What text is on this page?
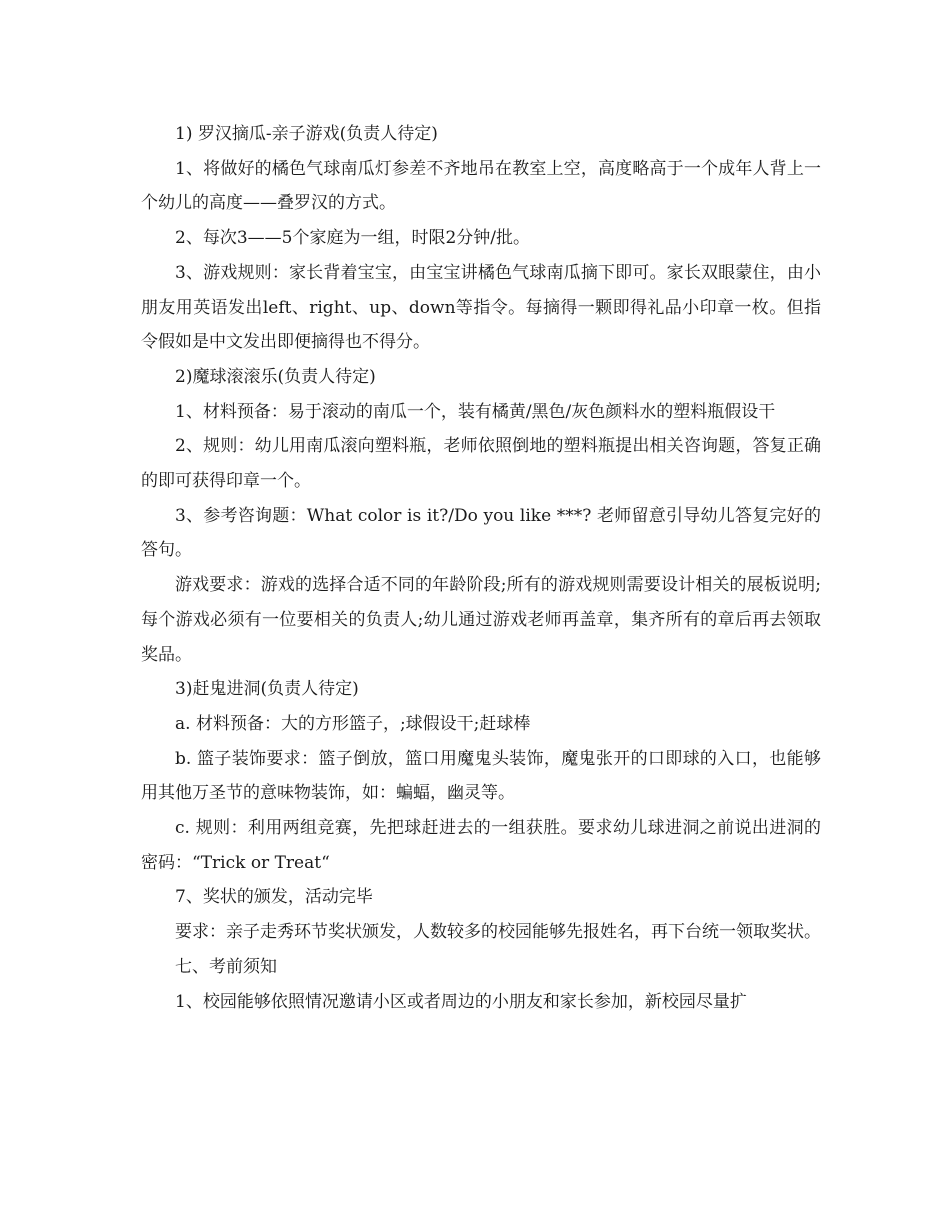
1) 罗汉摘瓜-亲子游戏(负责人待定)

1、将做好的橘色气球南瓜灯参差不齐地吊在教室上空，高度略高于一个成年人背上一个幼儿的高度——叠罗汉的方式。

2、每次3——5个家庭为一组，时限2分钟/批。

3、游戏规则：家长背着宝宝，由宝宝讲橘色气球南瓜摘下即可。家长双眼蒙住，由小朋友用英语发出left、right、up、down等指令。每摘得一颗即得礼品小印章一枚。但指令假如是中文发出即便摘得也不得分。

2)魔球滚滚乐(负责人待定)

1、材料预备：易于滚动的南瓜一个，装有橘黄/黑色/灰色颜料水的塑料瓶假设干

2、规则：幼儿用南瓜滚向塑料瓶，老师依照倒地的塑料瓶提出相关咨询题，答复正确的即可获得印章一个。

3、参考咨询题：What color is it?/Do you like ***? 老师留意引导幼儿答复完好的答句。

游戏要求：游戏的选择合适不同的年龄阶段;所有的游戏规则需要设计相关的展板说明;每个游戏必须有一位要相关的负责人;幼儿通过游戏老师再盖章，集齐所有的章后再去领取奖品。

3)赶鬼进洞(负责人待定)

a. 材料预备：大的方形篮子，;球假设干;赶球棒

b. 篮子装饰要求：篮子倒放，篮口用魔鬼头装饰，魔鬼张开的口即球的入口，也能够用其他万圣节的意味物装饰，如：蝙蝠，幽灵等。

c. 规则：利用两组竞赛，先把球赶进去的一组获胜。要求幼儿球进洞之前说出进洞的密码：“Trick or Treat“

7、奖状的颁发，活动完毕

要求：亲子走秀环节奖状颁发，人数较多的校园能够先报姓名，再下台统一领取奖状。

七、考前须知

1、校园能够依照情况邀请小区或者周边的小朋友和家长参加，新校园尽量扩
